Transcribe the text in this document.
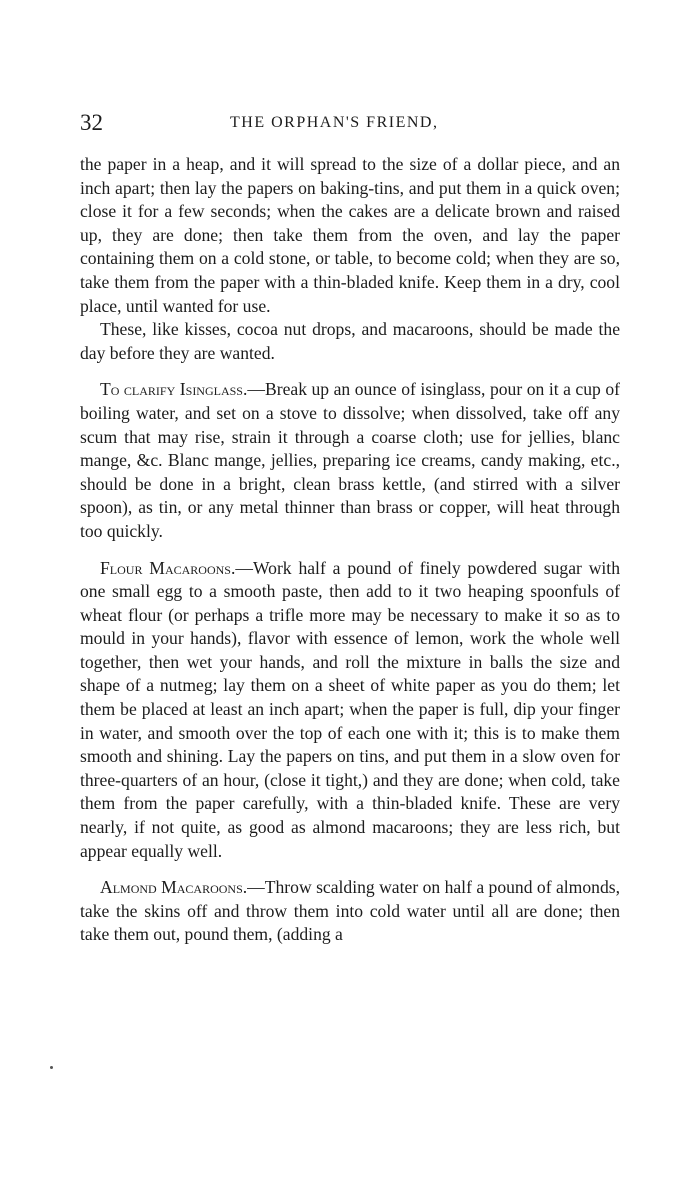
32	THE ORPHAN'S FRIEND,

the paper in a heap, and it will spread to the size of a dollar piece, and an inch apart; then lay the papers on baking-tins, and put them in a quick oven; close it for a few seconds; when the cakes are a delicate brown and raised up, they are done; then take them from the oven, and lay the paper containing them on a cold stone, or table, to become cold; when they are so, take them from the paper with a thin-bladed knife. Keep them in a dry, cool place, until wanted for use.

These, like kisses, cocoa nut drops, and macaroons, should be made the day before they are wanted.

To clarify Isinglass.—Break up an ounce of isinglass, pour on it a cup of boiling water, and set on a stove to dissolve; when dissolved, take off any scum that may rise, strain it through a coarse cloth; use for jellies, blanc mange, &c. Blanc mange, jellies, preparing ice creams, candy making, etc., should be done in a bright, clean brass kettle, (and stirred with a silver spoon), as tin, or any metal thinner than brass or copper, will heat through too quickly.

Flour Macaroons.—Work half a pound of finely powdered sugar with one small egg to a smooth paste, then add to it two heaping spoonfuls of wheat flour (or perhaps a trifle more may be necessary to make it so as to mould in your hands), flavor with essence of lemon, work the whole well together, then wet your hands, and roll the mixture in balls the size and shape of a nutmeg; lay them on a sheet of white paper as you do them; let them be placed at least an inch apart; when the paper is full, dip your finger in water, and smooth over the top of each one with it; this is to make them smooth and shining. Lay the papers on tins, and put them in a slow oven for three-quarters of an hour, (close it tight,) and they are done; when cold, take them from the paper carefully, with a thin-bladed knife. These are very nearly, if not quite, as good as almond macaroons; they are less rich, but appear equally well.

Almond Macaroons.—Throw scalding water on half a pound of almonds, take the skins off and throw them into cold water until all are done; then take them out, pound them, (adding a
